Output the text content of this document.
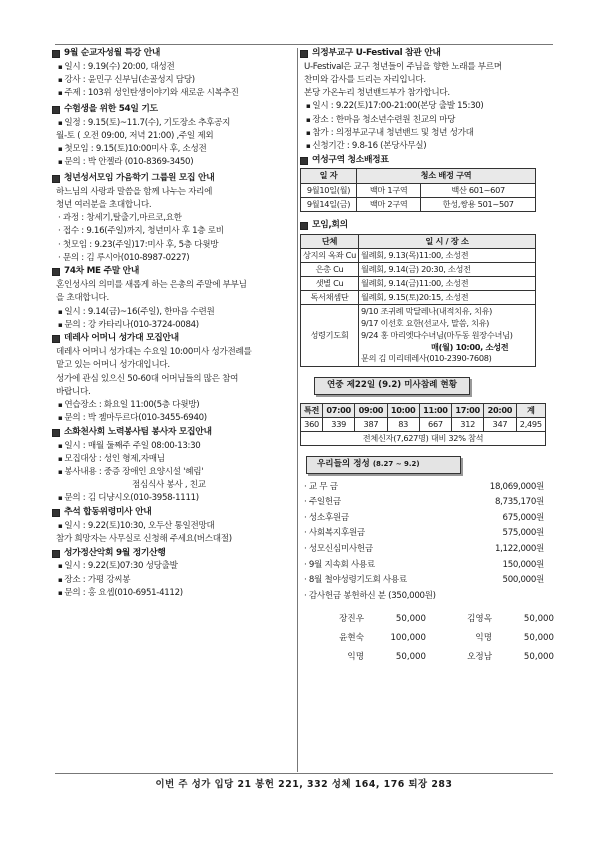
9월 순교자성월 특강 안내
▪ 일시 : 9.19(수) 20:00, 대성전
▪ 강사 : 윤민구 신부님(손골성지 담당)
▪ 주제 : 103위 성인탄생이야기와 새로운 시복추진
수험생을 위한 54일 기도
▪ 일정 : 9.15(토)~11.7(수), 기도장소 추후공지
월-토 ( 오전 09:00, 저녁 21:00) ,주일 제외
▪ 첫모임 : 9.15(토)10:00미사 후, 소성전
▪ 문의 : 박 안젤라 (010-8369-3450)
청년성서모임 가음학기 그룹원 모집 안내
하느님의 사랑과 말씀을 함께 나누는 자리에
청년 여러분을 초대합니다.
· 과정 : 창세기,탈출기,마르코,요한
· 접수 : 9.16(주일)까지, 청년미사 후 1층 로비
· 첫모임 : 9.23(주일)17:미사 후, 5층 다윗방
· 문의 : 김 루시아(010-8987-0227)
74차 ME 주말 안내
혼인성사의 의미를 새롭게 하는 은총의 주말에 부부님
을 초대합니다.
▪ 일시 : 9.14(금)~16(주일), 한마음 수련원
▪ 문의 : 강 카타리나(010-3724-0084)
데레사 어머니 성가대 모집안내
데레사 어머니 성가대는 수요일 10:00미사 성가전례를
맡고 있는 어머니 성가대입니다.
성가에 관심 있으신 50-60대 어머님들의 많은 참여
바랍니다.
▪ 연습장소 : 화요일 11:00(5층 다윗방)
▪ 문의 : 박 젬마두르다(010-3455-6940)
소화천사회 노력봉사팀 봉사자 모집안내
▪ 일시 : 매월 둘째주 주일 08:00-13:30
▪ 모집대상 : 성인 형제,자매님
▪ 봉사내용 : 중증 장애인 요양시설 '혜림'
점심식사 봉사 , 친교
▪ 문의 : 김 디냥시오(010-3958-1111)
추석 합동위령미사 안내
▪ 일시 : 9.22(토)10:30, 오두산 통일전망대
참가 희망자는 사무실로 신청해 주세요(버스대절)
성가정산악회 9월 정기산행
▪ 일시 : 9.22(토)07:30 성당출발
▪ 장소 : 가평 강씨봉
▪ 문의 : 홍 요셉(010-6951-4112)
의정부교구 U-Festival 참관 안내
U-Festival은 교구 청년들이 주님을 향한 노래를 부르며
찬미와 감사를 드리는 자리입니다.
본당 가온누리 청년밴드부가 참가합니다.
▪ 일시 : 9.22(토)17:00-21:00(본당 출발 15:30)
▪ 장소 : 한마음 청소년수련원 친교의 마당
▪ 참가 : 의정부교구내 청년밴드 및 청년 성가대
▪ 신청기간 : 9.8-16 (본당사무실)
여성구역 청소배정표
일 자	청소 배정 구역	
9월10일(월)	백마 1구역	백산 601~607
9월14일(금)	백마 2구역	한성,쌍용 501~507
모임,회의
단체	일 시 / 장 소
상지의 옥좌 Cu	월례회, 9.13(목)11:00, 소성전
은총 Cu	월례회, 9.14(금) 20:30, 소성전
샛별 Cu	월례회, 9.14(금)11:00, 소성전
독서채셈단	월례회, 9.15(토)20:15, 소성전
성령기도회	9/10 조귀례 막달레나(내적치유, 치유)
9/17 이선호 요한(선교사, 말씀, 치유)
9/24 홍 마리엣다수녀님(마두동 원장수녀님)
매(월) 10:00, 소성전
문의 김 미리데레사(010-2390-7608)
연중 제22일 (9.2) 미사참례 현황
특전	07:00	09:00	10:00	11:00	17:00	20:00	계
360	339	387	83	667	312	347	2,495
전체신자(7,627명) 대비 32% 참석							
우리들의 정성 (8.27 ~ 9.2)
· 교 무 금	18,069,000원
· 주일헌금	8,735,170원
· 성소후원금	675,000원
· 사회복지후원금	575,000원
· 성모신심미사헌금	1,122,000원
· 9월 지속회 사용료	150,000원
· 8월 철야성령기도회 사용료	500,000원
· 감사헌금 봉헌하신 분 (350,000원)
장진우	50,000	김영옥	50,000
윤현숙	100,000	익명	50,000
익명	50,000	오정남	50,000
이번 주 성가 입당 21 봉헌 221, 332 성체 164, 176 퇴장 283
